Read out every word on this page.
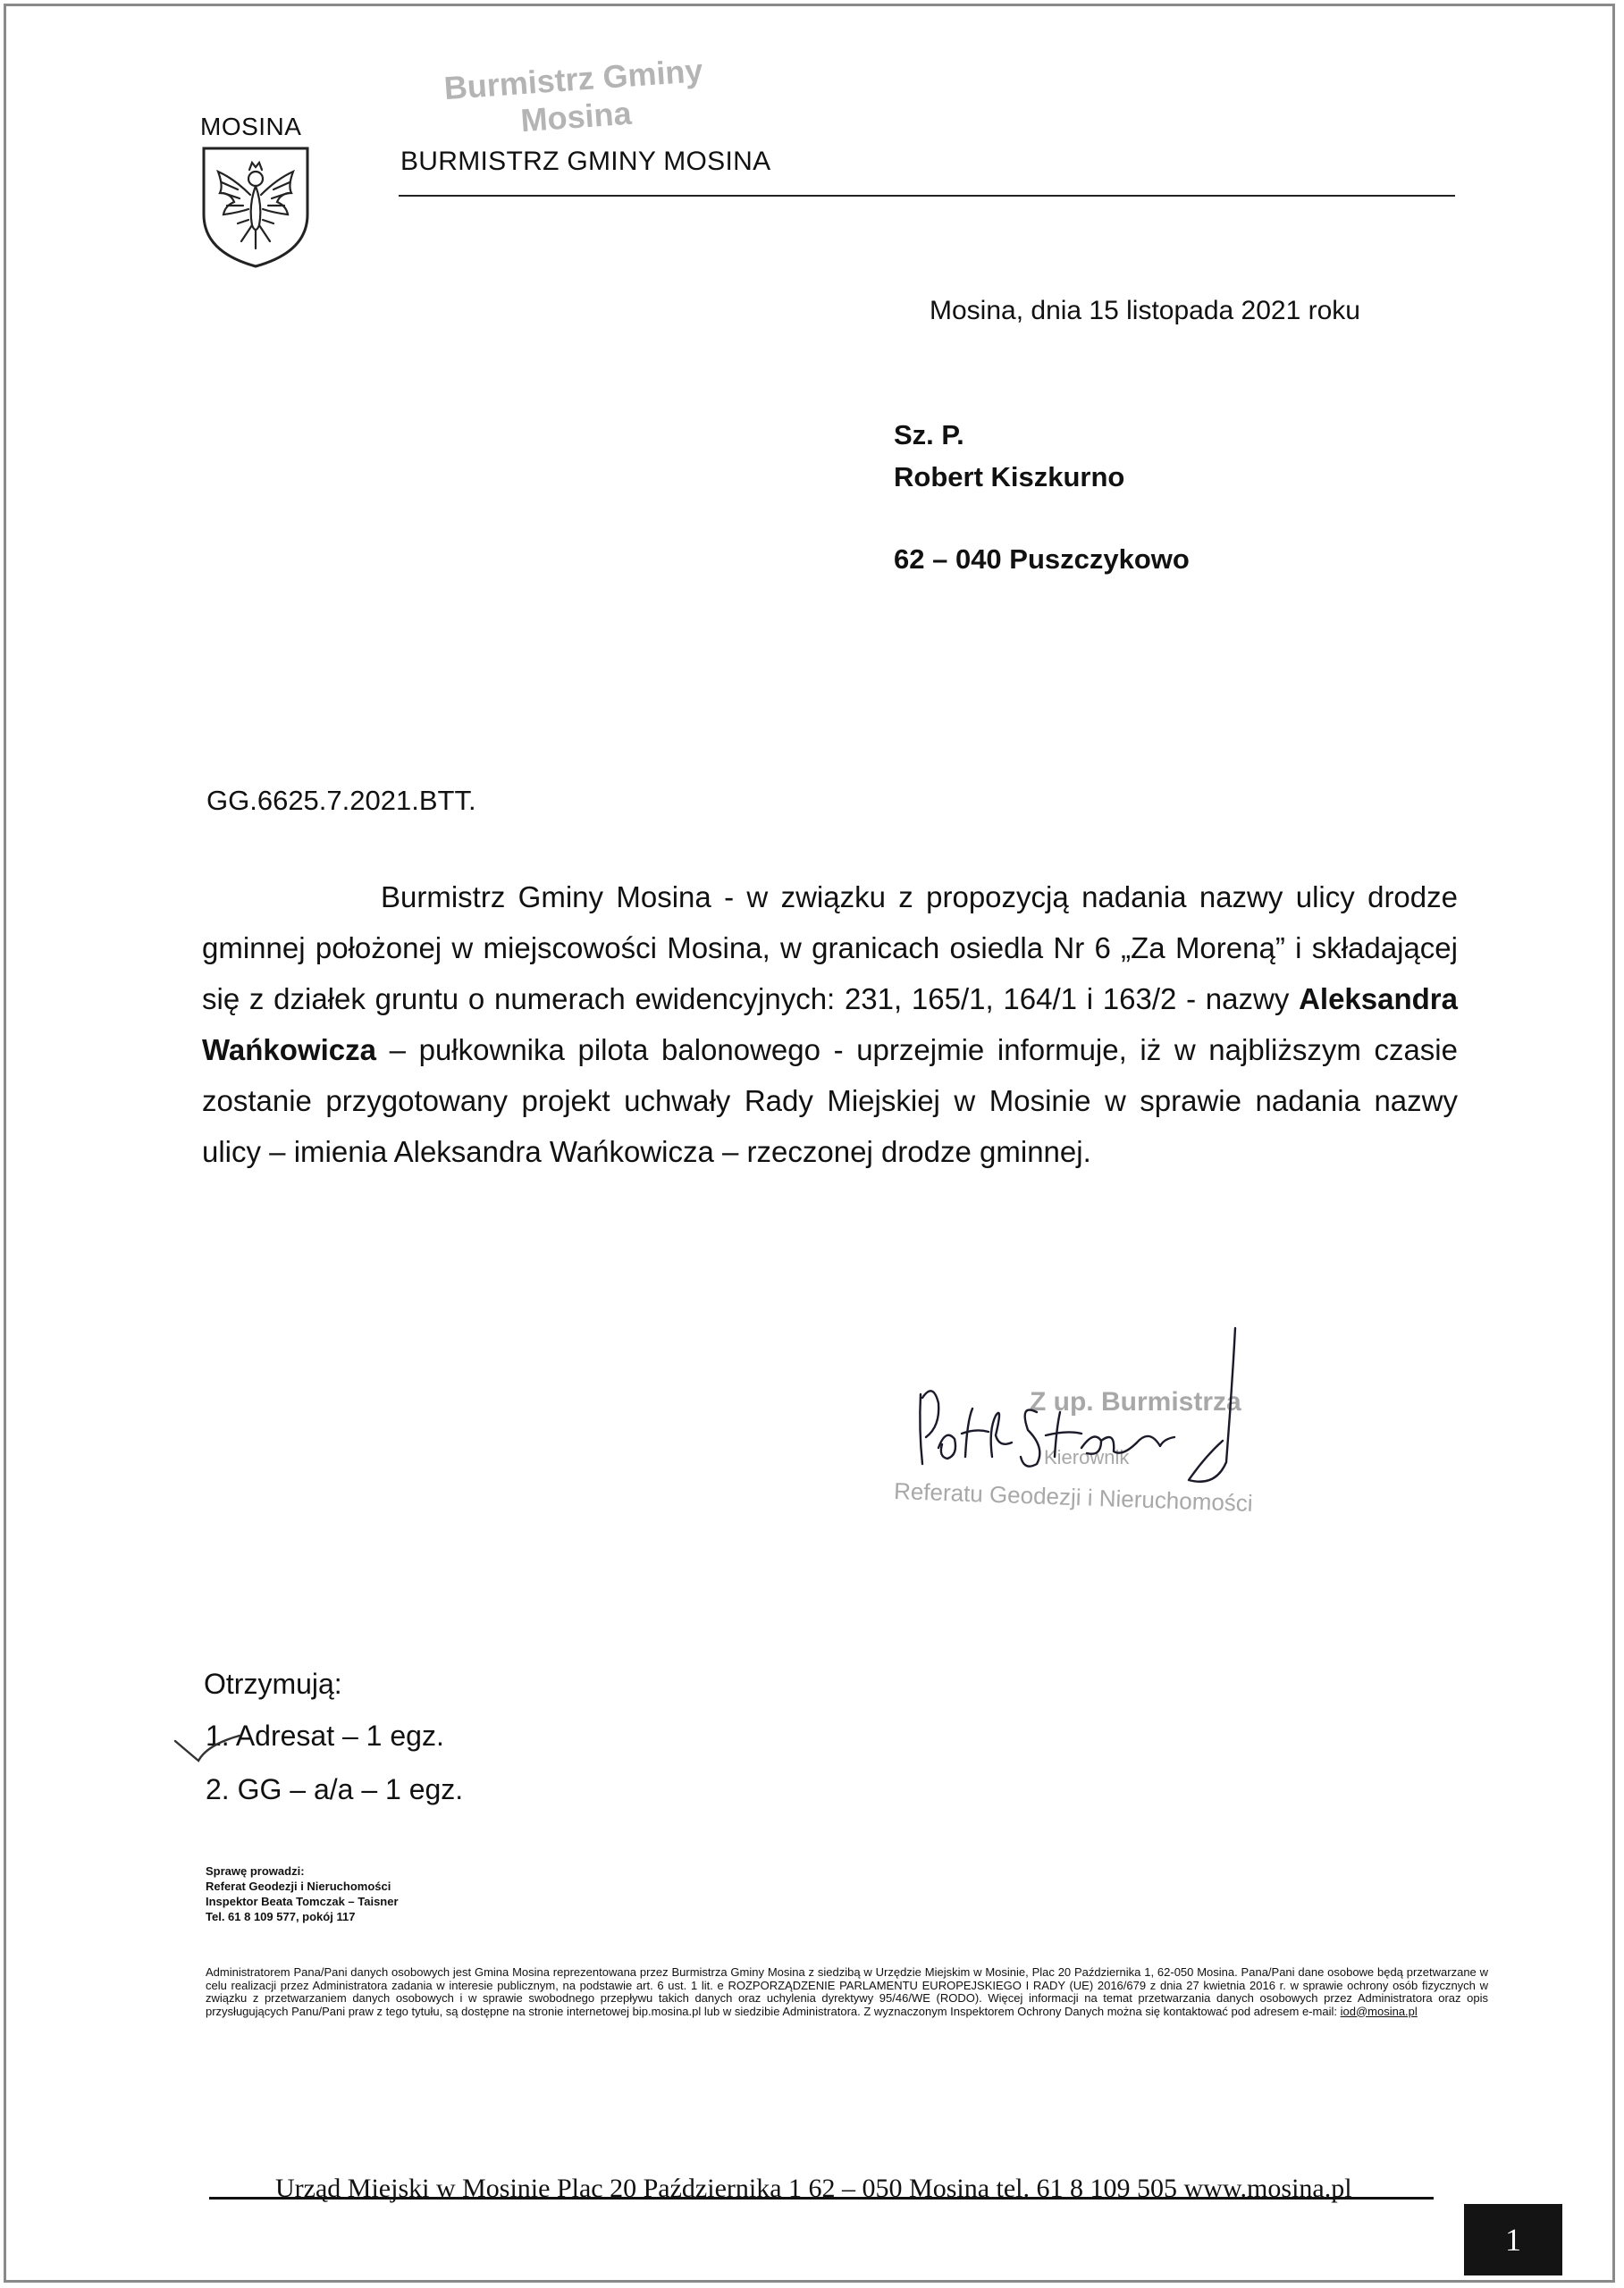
MOSINA
Burmistrz Gminy
Mosina
BURMISTRZ GMINY MOSINA
Mosina, dnia 15 listopada 2021 roku
Sz. P.
Robert Kiszkurno
62 – 040 Puszczykowo
GG.6625.7.2021.BTT.
Burmistrz Gminy Mosina - w związku z propozycją nadania nazwy ulicy drodze gminnej położonej w miejscowości Mosina, w granicach osiedla Nr 6 „Za Moreną” i składającej się z działek gruntu o numerach ewidencyjnych: 231, 165/1, 164/1 i 163/2 - nazwy Aleksandra Wańkowicza – pułkownika pilota balonowego - uprzejmie informuje, iż w najbliższym czasie zostanie przygotowany projekt uchwały Rady Miejskiej w Mosinie w sprawie nadania nazwy ulicy – imienia Aleksandra Wańkowicza – rzeczonej drodze gminnej.
Z up. Burmistrza
Kierownik
Referatu Geodezji i Nieruchomości
Otrzymują:
1. Adresat – 1 egz.
2. GG – a/a – 1 egz.
Sprawę prowadzi:
Referat Geodezji i Nieruchomości
Inspektor Beata Tomczak – Taisner
Tel. 61 8 109 577, pokój 117
Administratorem Pana/Pani danych osobowych jest Gmina Mosina reprezentowana przez Burmistrza Gminy Mosina z siedzibą w Urzędzie Miejskim w Mosinie, Plac 20 Października 1, 62-050 Mosina. Pana/Pani dane osobowe będą przetwarzane w celu realizacji przez Administratora zadania w interesie publicznym, na podstawie art. 6 ust. 1 lit. e ROZPORZĄDZENIE PARLAMENTU EUROPEJSKIEGO I RADY (UE) 2016/679 z dnia 27 kwietnia 2016 r. w sprawie ochrony osób fizycznych w związku z przetwarzaniem danych osobowych i w sprawie swobodnego przepływu takich danych oraz uchylenia dyrektywy 95/46/WE (RODO). Więcej informacji na temat przetwarzania danych osobowych przez Administratora oraz opis przysługujących Panu/Pani praw z tego tytułu, są dostępne na stronie internetowej bip.mosina.pl lub w siedzibie Administratora. Z wyznaczonym Inspektorem Ochrony Danych można się kontaktować pod adresem e-mail: iod@mosina.pl
Urząd Miejski w Mosinie Plac 20 Października 1 62 – 050 Mosina tel. 61 8 109 505 www.mosina.pl
1
